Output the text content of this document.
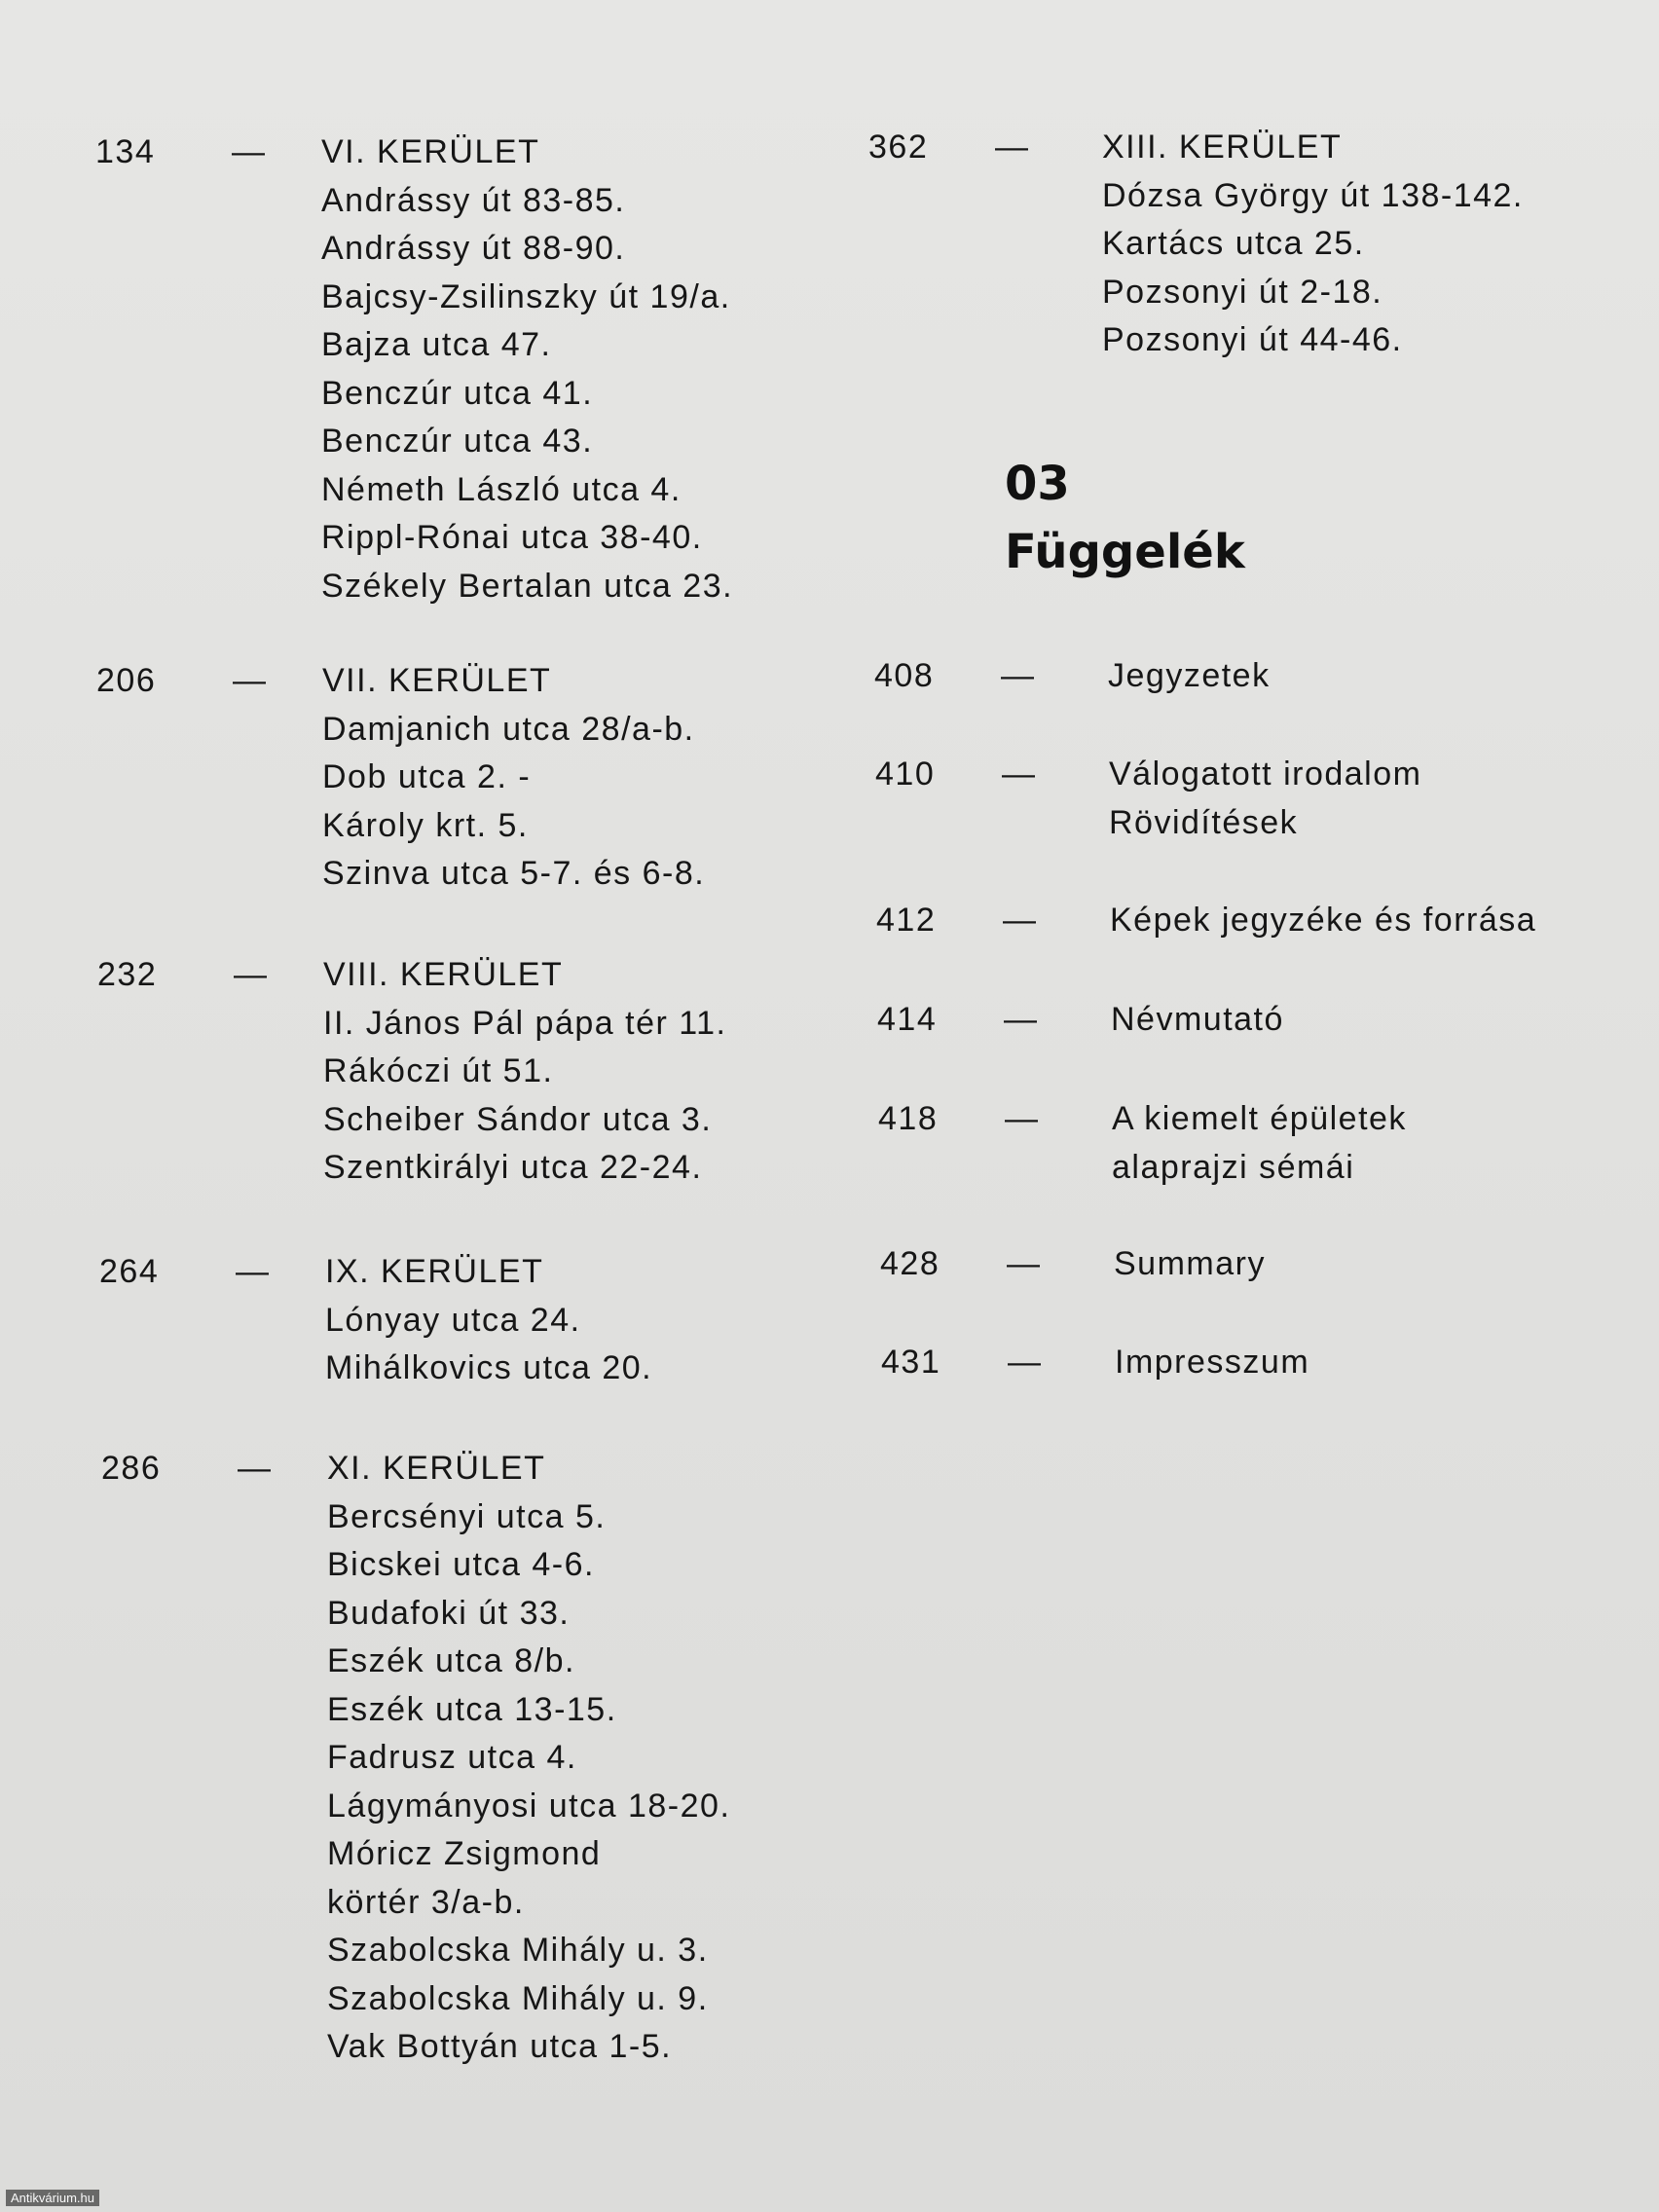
134 — VI. KERÜLET
Andrássy út 83-85.
Andrássy út 88-90.
Bajcsy-Zsilinszky út 19/a.
Bajza utca 47.
Benczúr utca 41.
Benczúr utca 43.
Németh László utca 4.
Rippl-Rónai utca 38-40.
Székely Bertalan utca 23.
206 — VII. KERÜLET
Damjanich utca 28/a-b.
Dob utca 2. -
Károly krt. 5.
Szinva utca 5-7. és 6-8.
232 — VIII. KERÜLET
II. János Pál pápa tér 11.
Rákóczi út 51.
Scheiber Sándor utca 3.
Szentkirályi utca 22-24.
264 — IX. KERÜLET
Lónyay utca 24.
Mihálkovics utca 20.
286 — XI. KERÜLET
Bercsényi utca 5.
Bicskei utca 4-6.
Budafoki út 33.
Eszék utca 8/b.
Eszék utca 13-15.
Fadrusz utca 4.
Lágymányosi utca 18-20.
Móricz Zsigmond
körtér 3/a-b.
Szabolcska Mihály u. 3.
Szabolcska Mihály u. 9.
Vak Bottyán utca 1-5.
362 — XIII. KERÜLET
Dózsa György út 138-142.
Kartács utca 25.
Pozsonyi út 2-18.
Pozsonyi út 44-46.
03
Függelék
408 — Jegyzetek
410 — Válogatott irodalom
Rövidítések
412 — Képek jegyzéke és forrása
414 — Névmutató
418 — A kiemelt épületek
alaprajzi sémái
428 — Summary
431 — Impresszum
Antikvárium.hu
